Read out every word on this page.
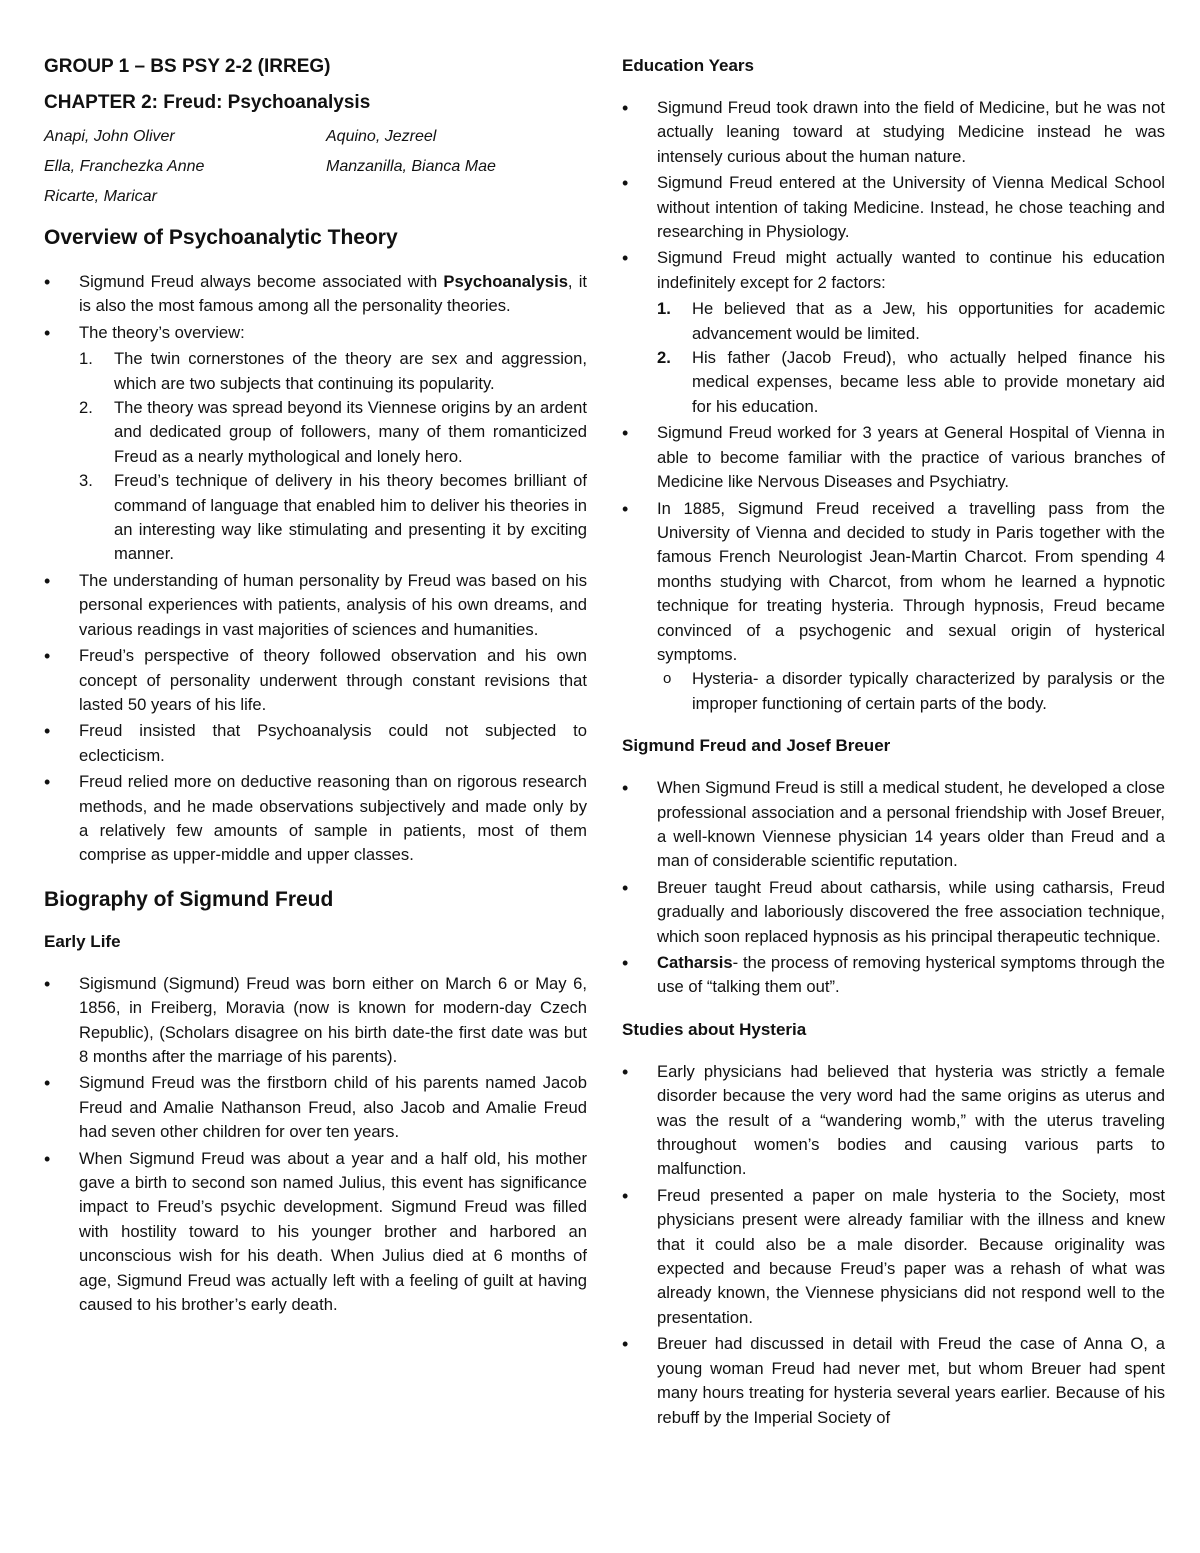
GROUP 1 – BS PSY 2-2 (IRREG)
CHAPTER 2: Freud: Psychoanalysis
Anapi, John Oliver	Aquino, Jezreel
Ella, Franchezka Anne	Manzanilla, Bianca Mae
Ricarte, Maricar
Overview of Psychoanalytic Theory
• Sigmund Freud always become associated with Psychoanalysis, it is also the most famous among all the personality theories.
• The theory’s overview:
1. The twin cornerstones of the theory are sex and aggression, which are two subjects that continuing its popularity.
2. The theory was spread beyond its Viennese origins by an ardent and dedicated group of followers, many of them romanticized Freud as a nearly mythological and lonely hero.
3. Freud’s technique of delivery in his theory becomes brilliant of command of language that enabled him to deliver his theories in an interesting way like stimulating and presenting it by exciting manner.
• The understanding of human personality by Freud was based on his personal experiences with patients, analysis of his own dreams, and various readings in vast majorities of sciences and humanities.
• Freud’s perspective of theory followed observation and his own concept of personality underwent through constant revisions that lasted 50 years of his life.
• Freud insisted that Psychoanalysis could not subjected to eclecticism.
• Freud relied more on deductive reasoning than on rigorous research methods, and he made observations subjectively and made only by a relatively few amounts of sample in patients, most of them comprise as upper-middle and upper classes.
Biography of Sigmund Freud
Early Life
• Sigismund (Sigmund) Freud was born either on March 6 or May 6, 1856, in Freiberg, Moravia (now is known for modern-day Czech Republic), (Scholars disagree on his birth date-the first date was but 8 months after the marriage of his parents).
• Sigmund Freud was the firstborn child of his parents named Jacob Freud and Amalie Nathanson Freud, also Jacob and Amalie Freud had seven other children for over ten years.
• When Sigmund Freud was about a year and a half old, his mother gave a birth to second son named Julius, this event has significance impact to Freud’s psychic development. Sigmund Freud was filled with hostility toward to his younger brother and harbored an unconscious wish for his death. When Julius died at 6 months of age, Sigmund Freud was actually left with a feeling of guilt at having caused to his brother’s early death.
Education Years
• Sigmund Freud took drawn into the field of Medicine, but he was not actually leaning toward at studying Medicine instead he was intensely curious about the human nature.
• Sigmund Freud entered at the University of Vienna Medical School without intention of taking Medicine. Instead, he chose teaching and researching in Physiology.
• Sigmund Freud might actually wanted to continue his education indefinitely except for 2 factors:
1. He believed that as a Jew, his opportunities for academic advancement would be limited.
2. His father (Jacob Freud), who actually helped finance his medical expenses, became less able to provide monetary aid for his education.
• Sigmund Freud worked for 3 years at General Hospital of Vienna in able to become familiar with the practice of various branches of Medicine like Nervous Diseases and Psychiatry.
• In 1885, Sigmund Freud received a travelling pass from the University of Vienna and decided to study in Paris together with the famous French Neurologist Jean-Martin Charcot. From spending 4 months studying with Charcot, from whom he learned a hypnotic technique for treating hysteria. Through hypnosis, Freud became convinced of a psychogenic and sexual origin of hysterical symptoms.
o Hysteria- a disorder typically characterized by paralysis or the improper functioning of certain parts of the body.
Sigmund Freud and Josef Breuer
• When Sigmund Freud is still a medical student, he developed a close professional association and a personal friendship with Josef Breuer, a well-known Viennese physician 14 years older than Freud and a man of considerable scientific reputation.
• Breuer taught Freud about catharsis, while using catharsis, Freud gradually and laboriously discovered the free association technique, which soon replaced hypnosis as his principal therapeutic technique.
• Catharsis- the process of removing hysterical symptoms through the use of “talking them out”.
Studies about Hysteria
• Early physicians had believed that hysteria was strictly a female disorder because the very word had the same origins as uterus and was the result of a “wandering womb,” with the uterus traveling throughout women’s bodies and causing various parts to malfunction.
• Freud presented a paper on male hysteria to the Society, most physicians present were already familiar with the illness and knew that it could also be a male disorder. Because originality was expected and because Freud’s paper was a rehash of what was already known, the Viennese physicians did not respond well to the presentation.
• Breuer had discussed in detail with Freud the case of Anna O, a young woman Freud had never met, but whom Breuer had spent many hours treating for hysteria several years earlier. Because of his rebuff by the Imperial Society of
